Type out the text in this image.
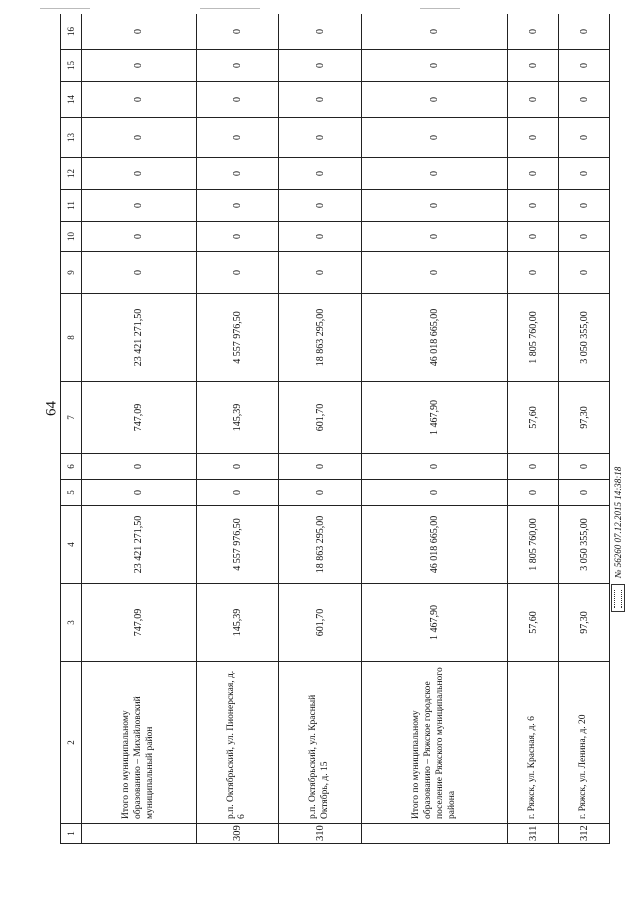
64
1	2	3	4	5	6	7	8	9	10	11	12	13	14	15	16
	Итого по муниципальному образованию – Михайловский муниципальный район	747,09	23 421 271,50	0	0	747,09	23 421 271,50	0	0	0	0	0	0	0	0
309	р.п. Октябрьский, ул. Пионерская, д. 6	145,39	4 557 976,50	0	0	145,39	4 557 976,50	0	0	0	0	0	0	0	0
310	р.п. Октябрьский, ул. Красный Октябрь, д. 15	601,70	18 863 295,00	0	0	601,70	18 863 295,00	0	0	0	0	0	0	0	0
	Итого по муниципальному образованию – Ряжское городское поселение Ряжского муниципального района	1 467,90	46 018 665,00	0	0	1 467,90	46 018 665,00	0	0	0	0	0	0	0	0
311	г. Ряжск, ул. Красная, д. 6	57,60	1 805 760,00	0	0	57,60	1 805 760,00	0	0	0	0	0	0	0	0
312	г. Ряжск, ул. Ленина, д. 20	97,30	3 050 355,00	0	0	97,30	3 050 355,00	0	0	0	0	0	0	0	0
№ 56260 07.12.2015 14:38:18
